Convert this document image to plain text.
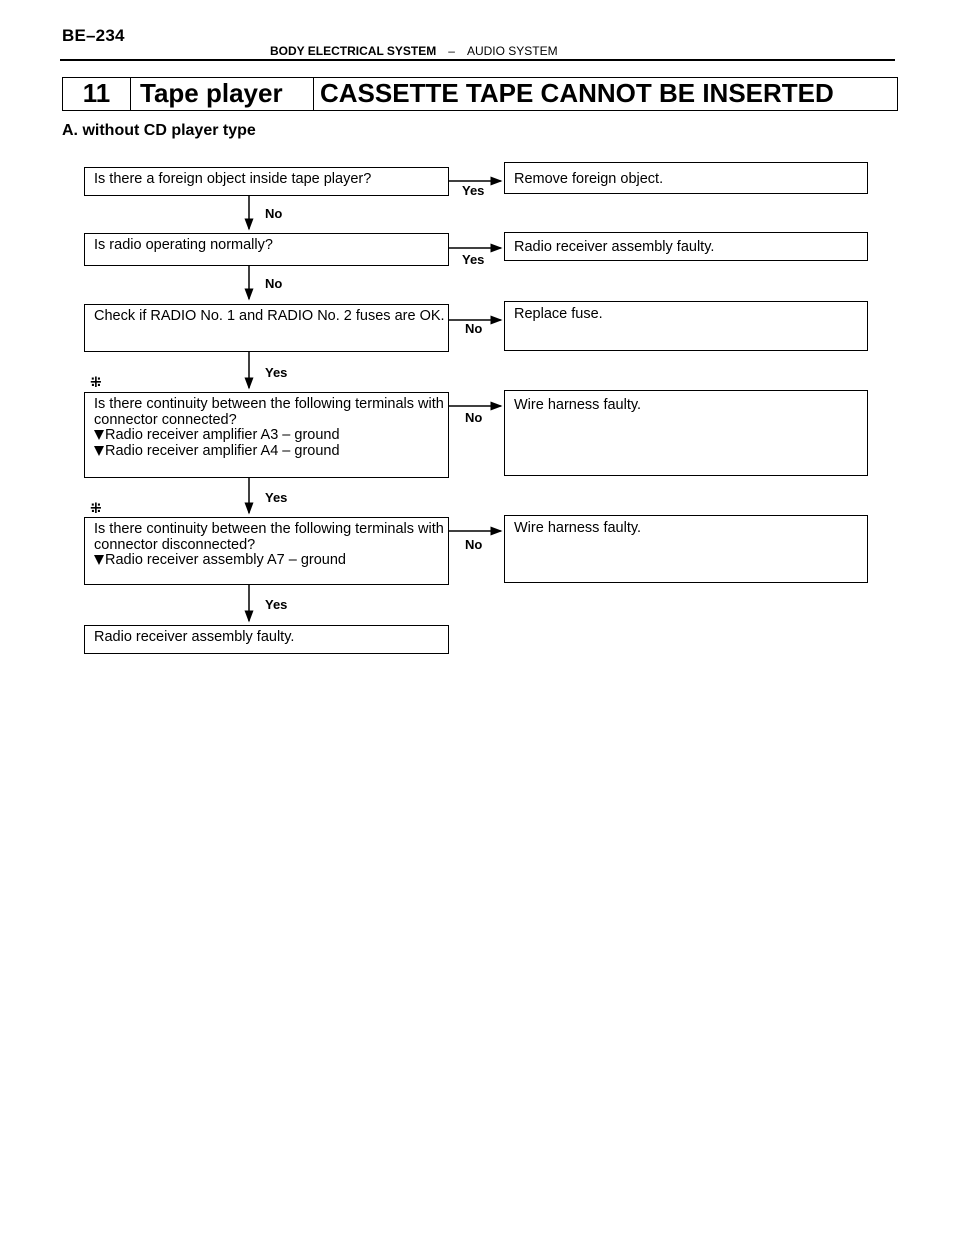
BE–234
BODY ELECTRICAL SYSTEM – AUDIO SYSTEM
11	Tape player	CASSETTE TAPE CANNOT BE INSERTED
A. without CD player type
Yes
Yes
No
No
No
No
No
Yes
Yes
Yes
⁜
⁜
Is there a foreign object inside tape player?
Is radio operating normally?
Check if RADIO No. 1 and RADIO No. 2 fuses are OK.
Is there continuity between the following terminals with connector connected?
Radio receiver amplifier A3 – ground
Radio receiver amplifier A4 – ground
Is there continuity between the following terminals with connector disconnected?
Radio receiver assembly A7 – ground
Radio receiver assembly faulty.
Remove foreign object.
Radio receiver assembly faulty.
Replace fuse.
Wire harness faulty.
Wire harness faulty.
